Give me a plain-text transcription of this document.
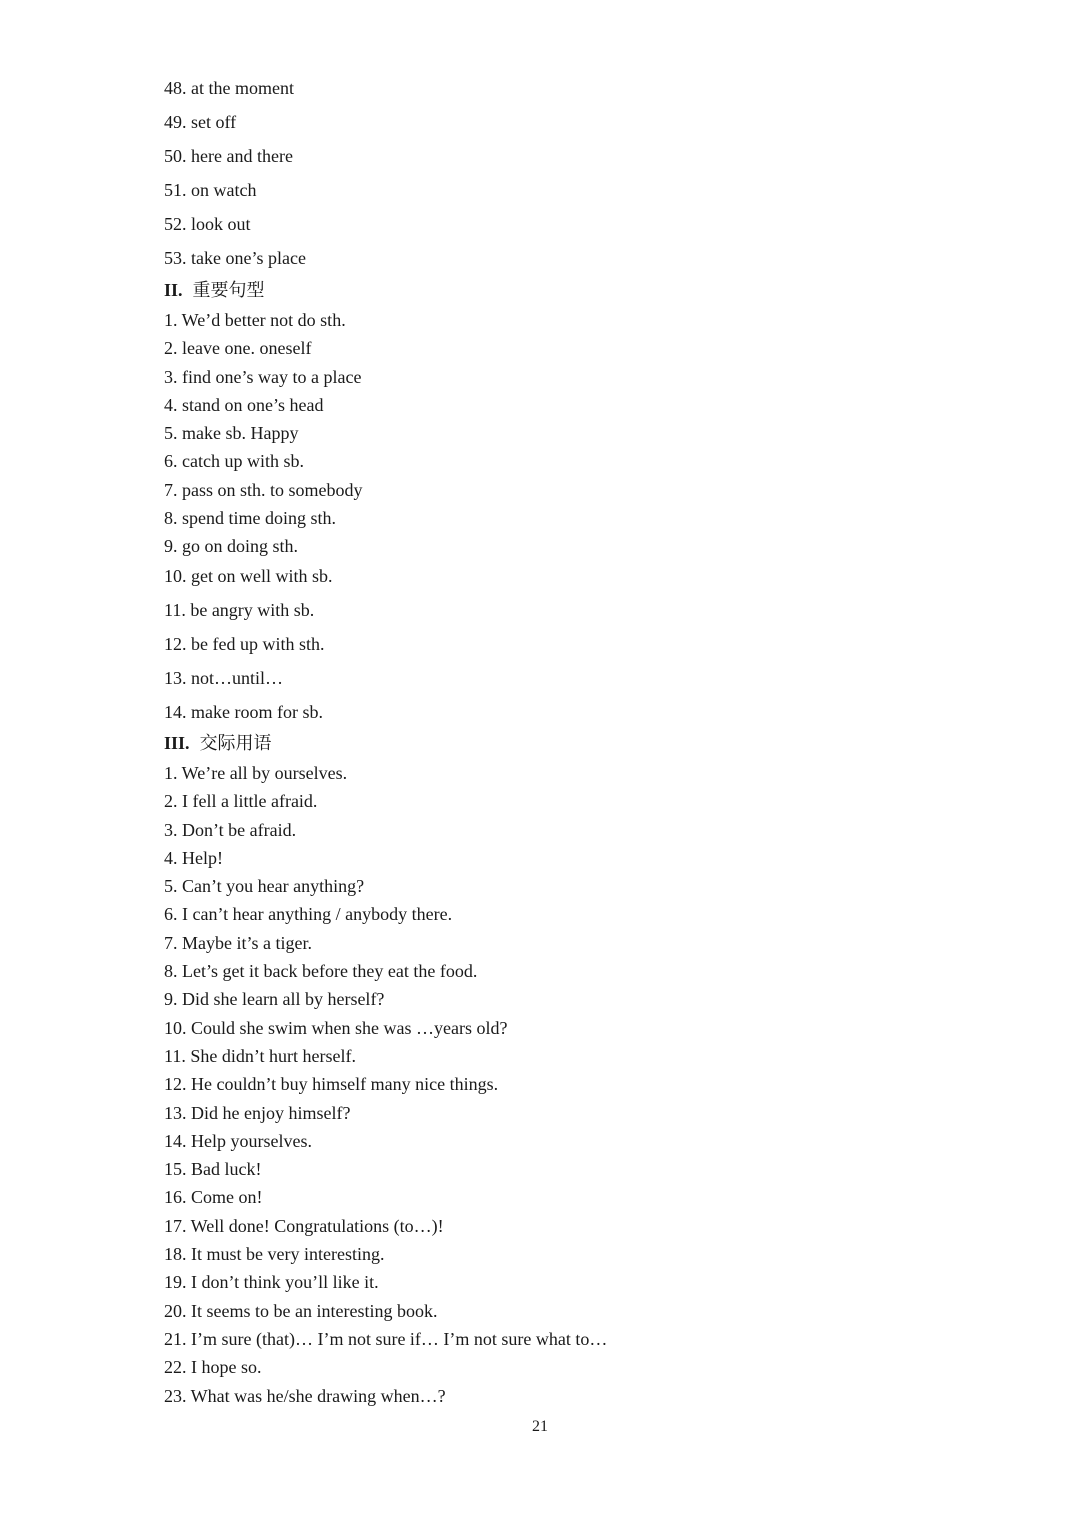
48. at the moment
49. set off
50. here and there
51. on watch
52. look out
53. take one’s place
II. 重要句型
1. We’d better not do sth.
2. leave one. oneself
3. find one’s way to a place
4. stand on one’s head
5. make sb. Happy
6. catch up with sb.
7. pass on sth. to somebody
8. spend time doing sth.
9. go on doing sth.
10. get on well with sb.
11. be angry with sb.
12. be fed up with sth.
13. not…until…
14. make room for sb.
III. 交际用语
1. We’re all by ourselves.
2. I fell a little afraid.
3. Don’t be afraid.
4. Help!
5. Can’t you hear anything?
6. I can’t hear anything / anybody there.
7. Maybe it’s a tiger.
8. Let’s get it back before they eat the food.
9. Did she learn all by herself?
10. Could she swim when she was …years old?
11. She didn’t hurt herself.
12. He couldn’t buy himself many nice things.
13. Did he enjoy himself?
14. Help yourselves.
15. Bad luck!
16. Come on!
17. Well done! Congratulations (to…)!
18. It must be very interesting.
19. I don’t think you’ll like it.
20. It seems to be an interesting book.
21. I’m sure (that)… I’m not sure if… I’m not sure what to…
22. I hope so.
23. What was he/she drawing when…?
21
